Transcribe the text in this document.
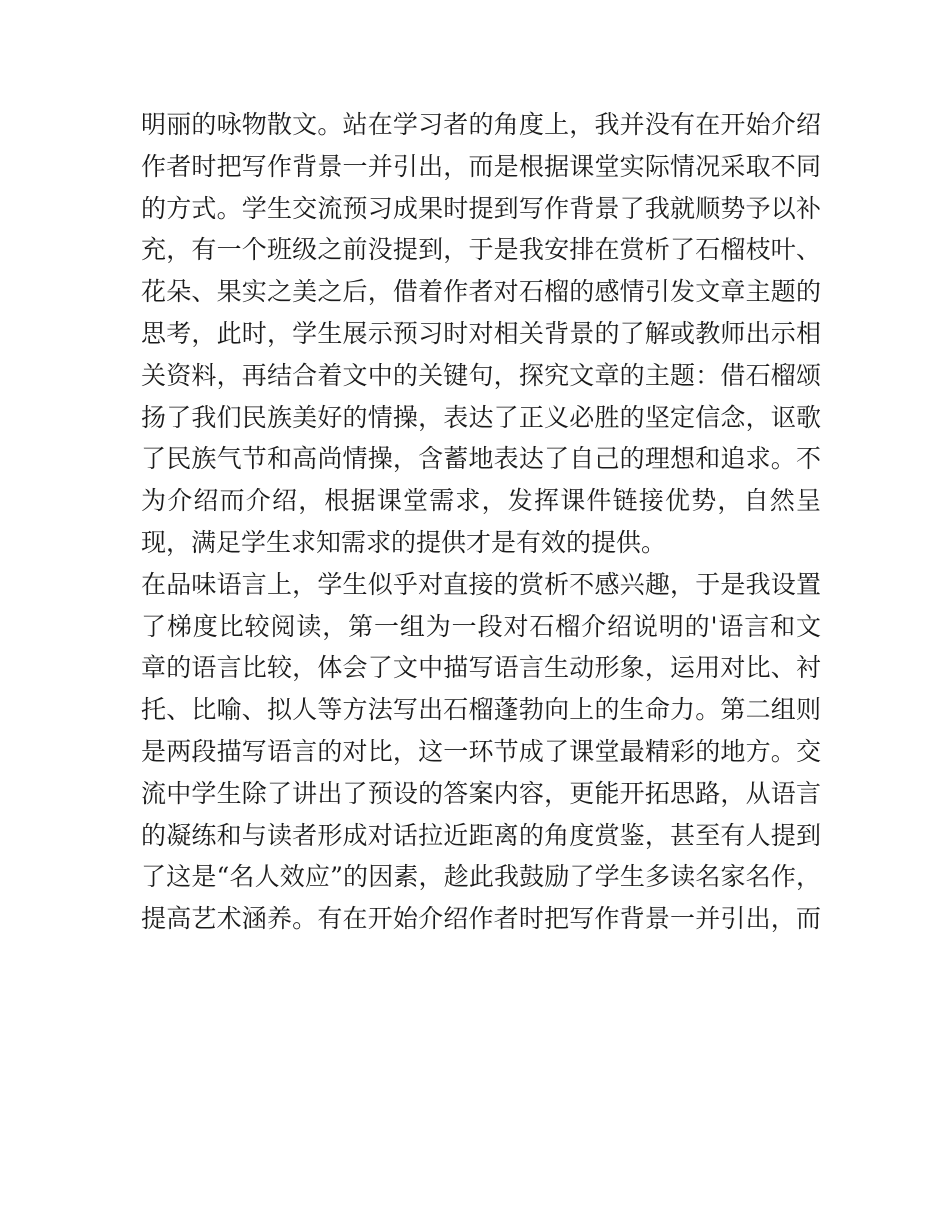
明丽的咏物散文。站在学习者的角度上，我并没有在开始介绍
作者时把写作背景一并引出，而是根据课堂实际情况采取不同
的方式。学生交流预习成果时提到写作背景了我就顺势予以补
充，有一个班级之前没提到，于是我安排在赏析了石榴枝叶、
花朵、果实之美之后，借着作者对石榴的感情引发文章主题的
思考，此时，学生展示预习时对相关背景的了解或教师出示相
关资料，再结合着文中的关键句，探究文章的主题：借石榴颂
扬了我们民族美好的情操，表达了正义必胜的坚定信念，讴歌
了民族气节和高尚情操，含蓄地表达了自己的理想和追求。不
为介绍而介绍，根据课堂需求，发挥课件链接优势，自然呈
现，满足学生求知需求的提供才是有效的提供。
在品味语言上，学生似乎对直接的赏析不感兴趣，于是我设置
了梯度比较阅读，第一组为一段对石榴介绍说明的'语言和文
章的语言比较，体会了文中描写语言生动形象，运用对比、衬
托、比喻、拟人等方法写出石榴蓬勃向上的生命力。第二组则
是两段描写语言的对比，这一环节成了课堂最精彩的地方。交
流中学生除了讲出了预设的答案内容，更能开拓思路，从语言
的凝练和与读者形成对话拉近距离的角度赏鉴，甚至有人提到
了这是“名人效应”的因素，趁此我鼓励了学生多读名家名作，
提高艺术涵养。有在开始介绍作者时把写作背景一并引出，而
